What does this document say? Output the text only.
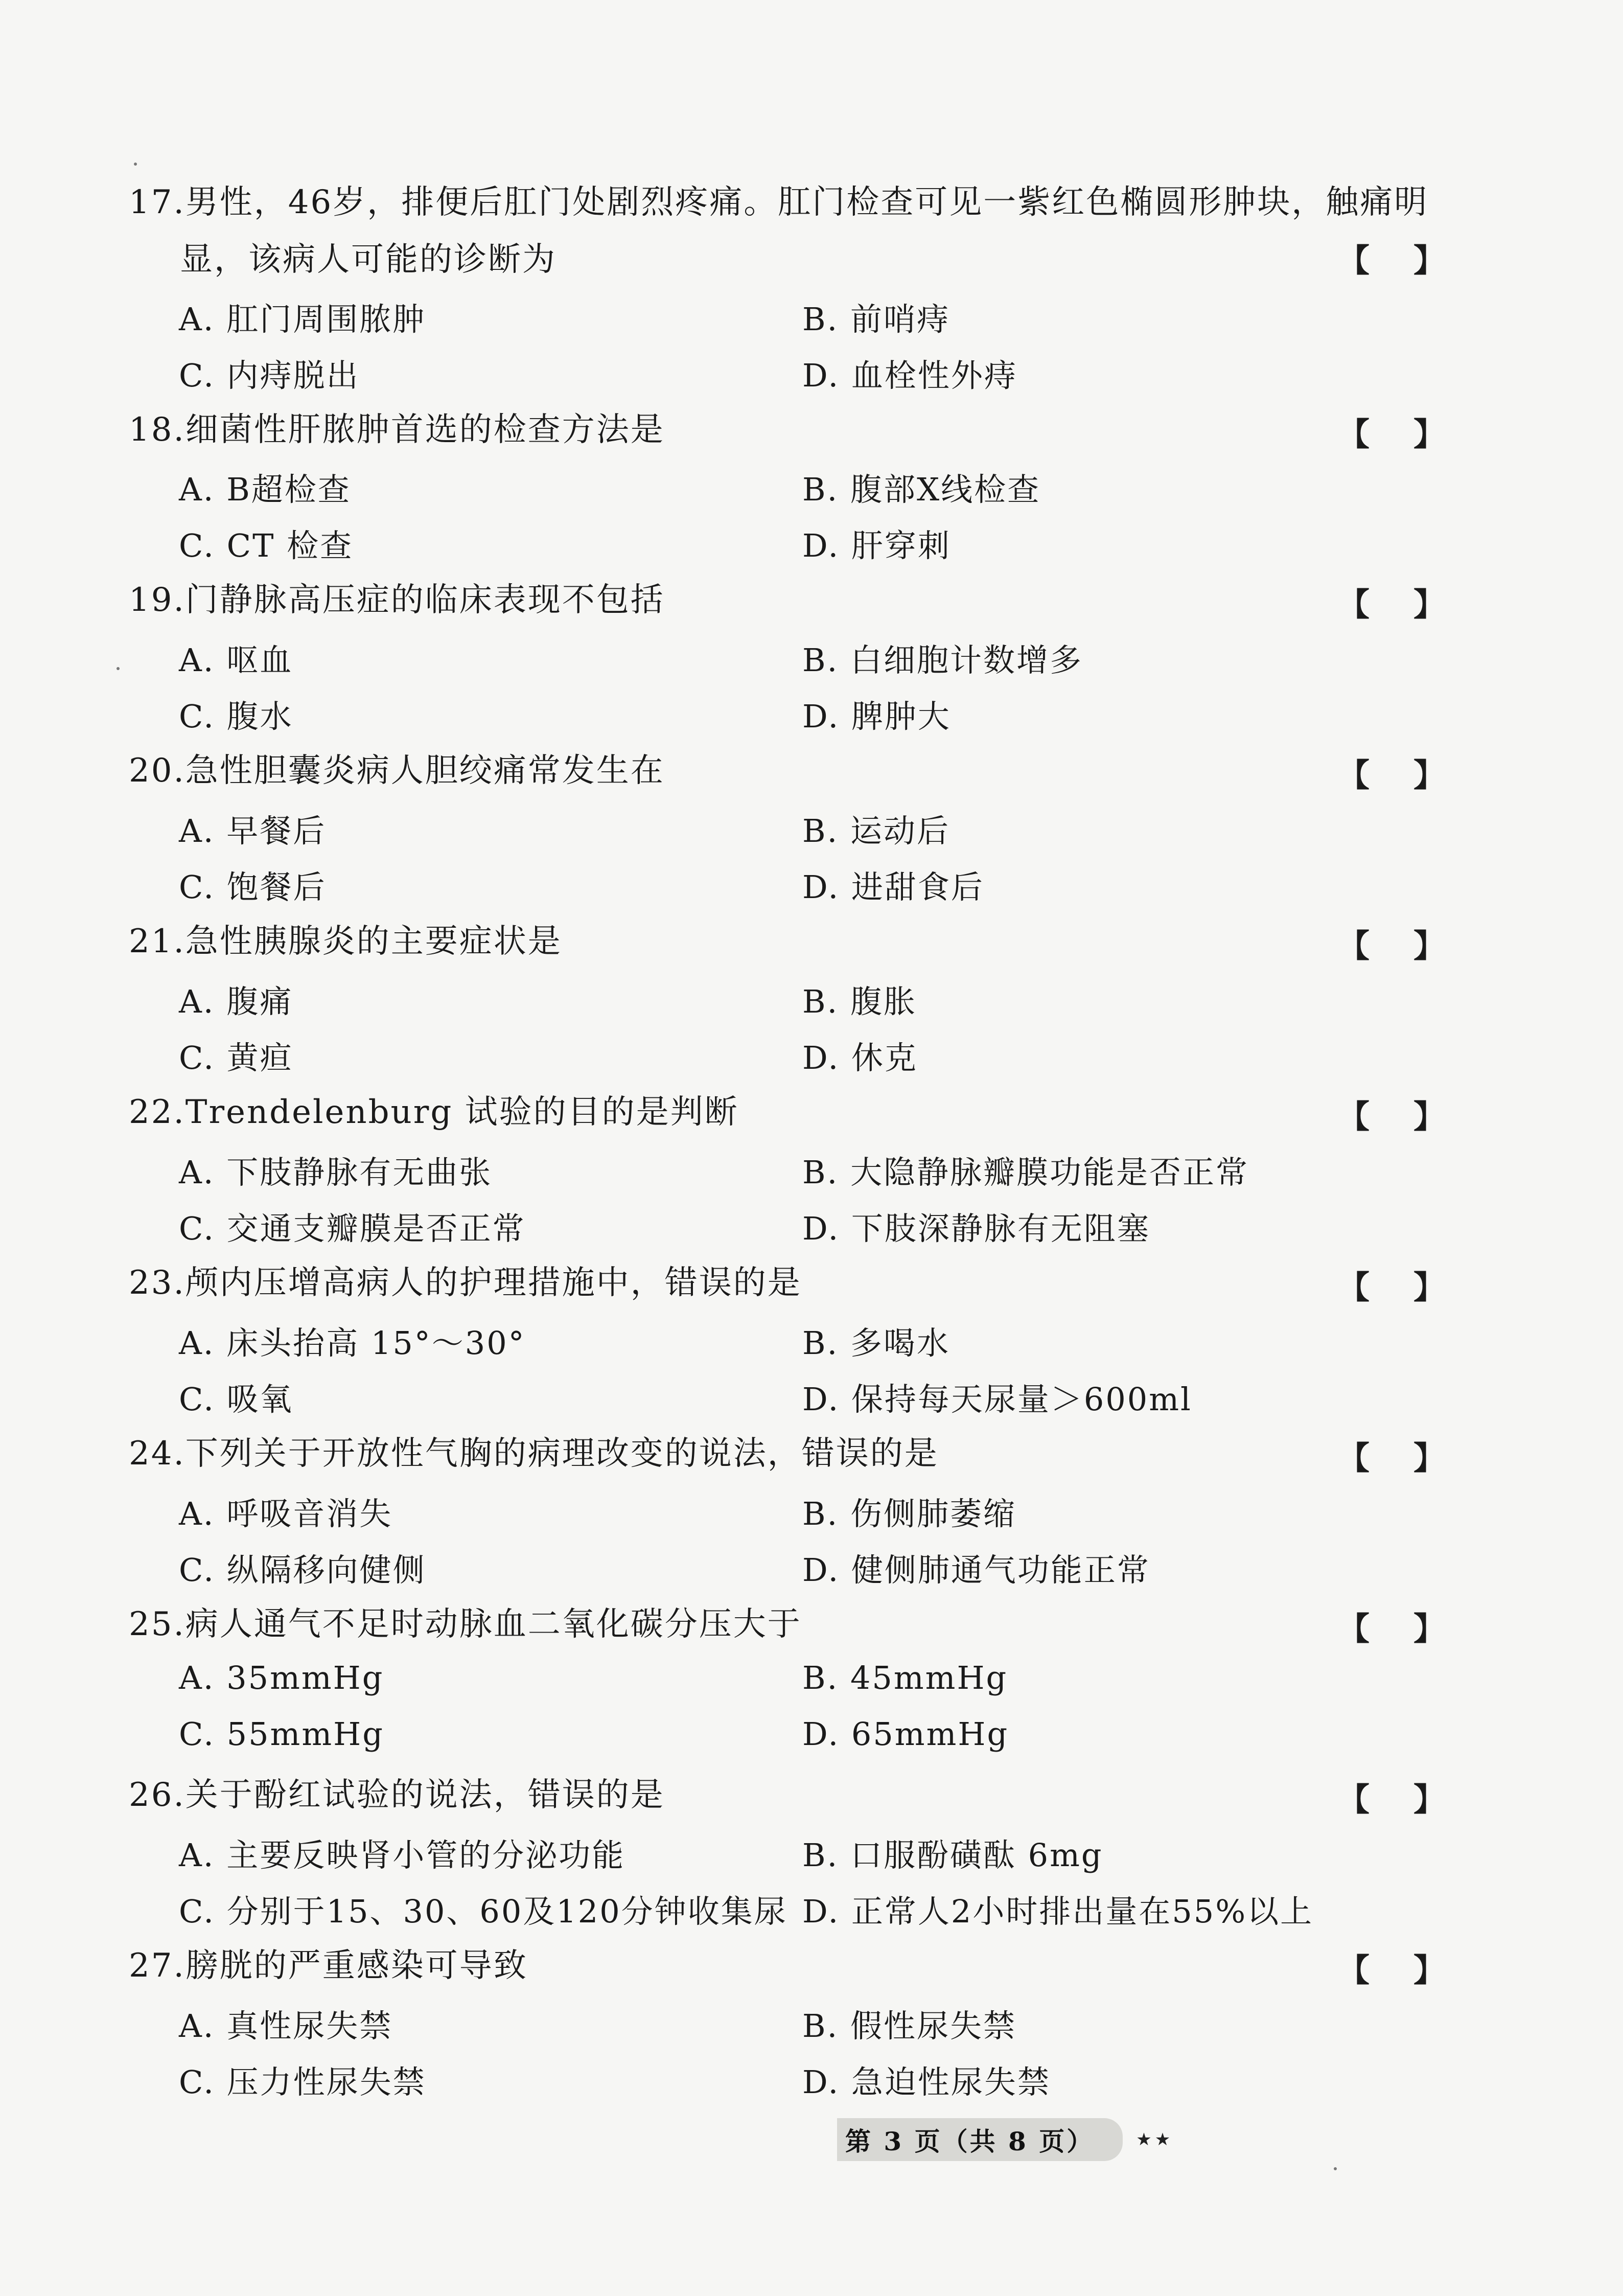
17.男性，46岁，排便后肛门处剧烈疼痛。肛门检查可见一紫红色椭圆形肿块，触痛明显，该病人可能的诊断为	【 】
A. 肛门周围脓肿	B. 前哨痔
C. 内痔脱出	D. 血栓性外痔
18.细菌性肝脓肿首选的检查方法是	【 】
A. B超检查	B. 腹部X线检查
C. CT 检查	D. 肝穿刺
19.门静脉高压症的临床表现不包括	【 】
A. 呕血	B. 白细胞计数增多
C. 腹水	D. 脾肿大
20.急性胆囊炎病人胆绞痛常发生在	【 】
A. 早餐后	B. 运动后
C. 饱餐后	D. 进甜食后
21.急性胰腺炎的主要症状是	【 】
A. 腹痛	B. 腹胀
C. 黄疸	D. 休克
22.Trendelenburg 试验的目的是判断	【 】
A. 下肢静脉有无曲张	B. 大隐静脉瓣膜功能是否正常
C. 交通支瓣膜是否正常	D. 下肢深静脉有无阻塞
23.颅内压增高病人的护理措施中，错误的是	【 】
A. 床头抬高 15°～30°	B. 多喝水
C. 吸氧	D. 保持每天尿量＞600ml
24.下列关于开放性气胸的病理改变的说法，错误的是	【 】
A. 呼吸音消失	B. 伤侧肺萎缩
C. 纵隔移向健侧	D. 健侧肺通气功能正常
25.病人通气不足时动脉血二氧化碳分压大于	【 】
A. 35mmHg	B. 45mmHg
C. 55mmHg	D. 65mmHg
26.关于酚红试验的说法，错误的是	【 】
A. 主要反映肾小管的分泌功能	B. 口服酚磺酞 6mg
C. 分别于15、30、60及120分钟收集尿 D. 正常人2小时排出量在55%以上
27.膀胱的严重感染可导致	【 】
A. 真性尿失禁	B. 假性尿失禁
C. 压力性尿失禁	D. 急迫性尿失禁
第 3 页（共 8 页）	★★
